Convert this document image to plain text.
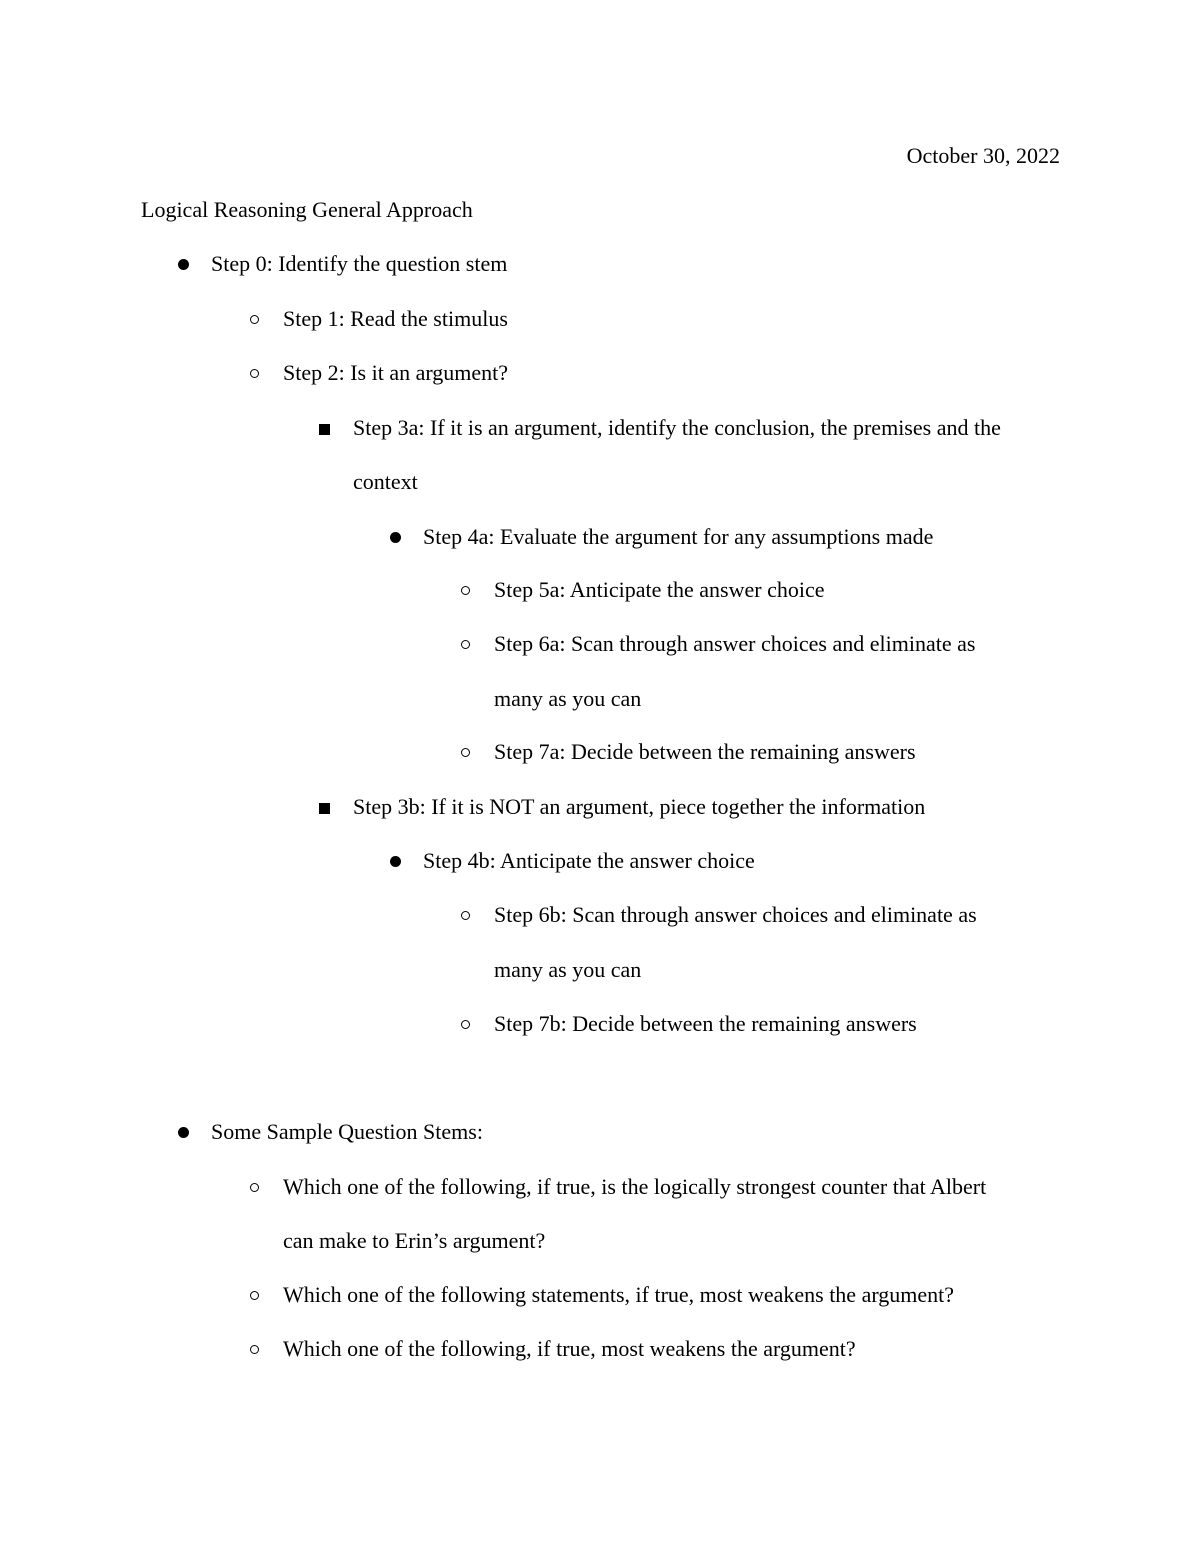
October 30, 2022
Logical Reasoning General Approach
Step 0: Identify the question stem
Step 1: Read the stimulus
Step 2: Is it an argument?
Step 3a: If it is an argument, identify the conclusion, the premises and the
context
Step 4a: Evaluate the argument for any assumptions made
Step 5a: Anticipate the answer choice
Step 6a: Scan through answer choices and eliminate as
many as you can
Step 7a: Decide between the remaining answers
Step 3b: If it is NOT an argument, piece together the information
Step 4b: Anticipate the answer choice
Step 6b: Scan through answer choices and eliminate as
many as you can
Step 7b: Decide between the remaining answers
Some Sample Question Stems:
Which one of the following, if true, is the logically strongest counter that Albert
can make to Erin’s argument?
Which one of the following statements, if true, most weakens the argument?
Which one of the following, if true, most weakens the argument?
